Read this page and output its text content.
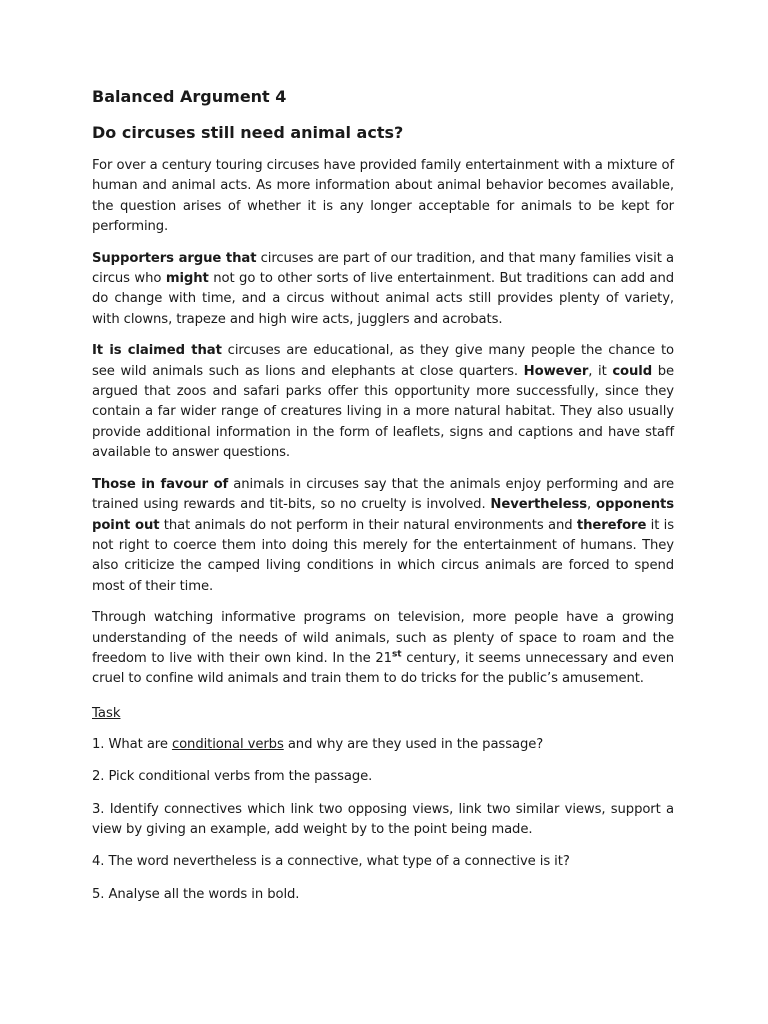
Balanced Argument 4
Do circuses still need animal acts?

For over a century touring circuses have provided family entertainment with a mixture of human and animal acts. As more information about animal behavior becomes available, the question arises of whether it is any longer acceptable for animals to be kept for performing.

Supporters argue that circuses are part of our tradition, and that many families visit a circus who might not go to other sorts of live entertainment. But traditions can add and do change with time, and a circus without animal acts still provides plenty of variety, with clowns, trapeze and high wire acts, jugglers and acrobats.

It is claimed that circuses are educational, as they give many people the chance to see wild animals such as lions and elephants at close quarters. However, it could be argued that zoos and safari parks offer this opportunity more successfully, since they contain a far wider range of creatures living in a more natural habitat. They also usually provide additional information in the form of leaflets, signs and captions and have staff available to answer questions.

Those in favour of animals in circuses say that the animals enjoy performing and are trained using rewards and tit-bits, so no cruelty is involved. Nevertheless, opponents point out that animals do not perform in their natural environments and therefore it is not right to coerce them into doing this merely for the entertainment of humans. They also criticize the camped living conditions in which circus animals are forced to spend most of their time.

Through watching informative programs on television, more people have a growing understanding of the needs of wild animals, such as plenty of space to roam and the freedom to live with their own kind. In the 21st century, it seems unnecessary and even cruel to confine wild animals and train them to do tricks for the public’s amusement.

Task
1. What are conditional verbs and why are they used in the passage?
2. Pick conditional verbs from the passage.
3. Identify connectives which link two opposing views, link two similar views, support a view by giving an example, add weight by to the point being made.
4. The word nevertheless is a connective, what type of a connective is it?
5. Analyse all the words in bold.
